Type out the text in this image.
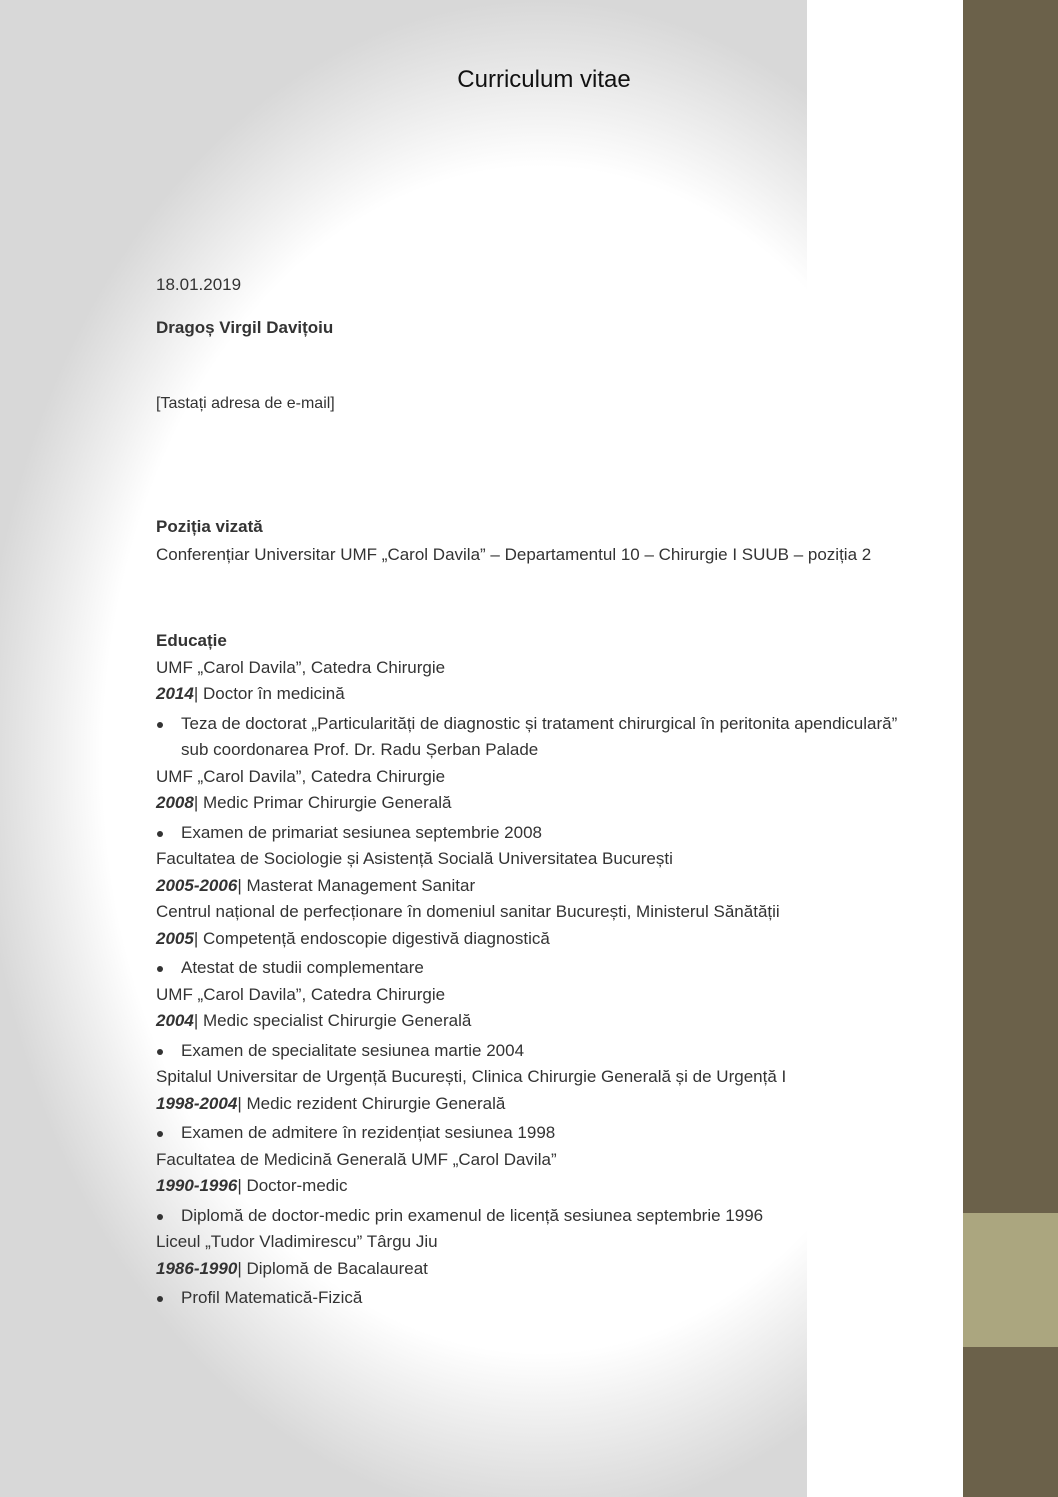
Curriculum vitae
18.01.2019
Dragoș Virgil Davițoiu
[Tastați adresa de e-mail]
Poziția vizată
Conferențiar Universitar UMF „Carol Davila” – Departamentul 10 – Chirurgie I SUUB – poziția 2
Educație
UMF „Carol Davila”, Catedra Chirurgie
2014| Doctor în medicină
Teza de doctorat „Particularități de diagnostic și tratament chirurgical în peritonita apendiculară” sub coordonarea Prof. Dr. Radu Șerban Palade
UMF „Carol Davila”, Catedra Chirurgie
2008| Medic Primar Chirurgie Generală
Examen de primariat sesiunea septembrie 2008
Facultatea de Sociologie și Asistență Socială Universitatea București
2005-2006| Masterat Management Sanitar
Centrul național de perfecționare în domeniul sanitar București, Ministerul Sănătății
2005| Competență endoscopie digestivă diagnostică
Atestat de studii complementare
UMF „Carol Davila”, Catedra Chirurgie
2004| Medic specialist Chirurgie Generală
Examen de specialitate sesiunea martie 2004
Spitalul Universitar de Urgență București, Clinica Chirurgie Generală și de Urgență I
1998-2004| Medic rezident Chirurgie Generală
Examen de admitere în rezidențiat sesiunea 1998
Facultatea de Medicină Generală UMF „Carol Davila”
1990-1996| Doctor-medic
Diplomă de doctor-medic prin examenul de licență sesiunea septembrie 1996
Liceul „Tudor Vladimirescu” Târgu Jiu
1986-1990| Diplomă de Bacalaureat
Profil Matematică-Fizică
